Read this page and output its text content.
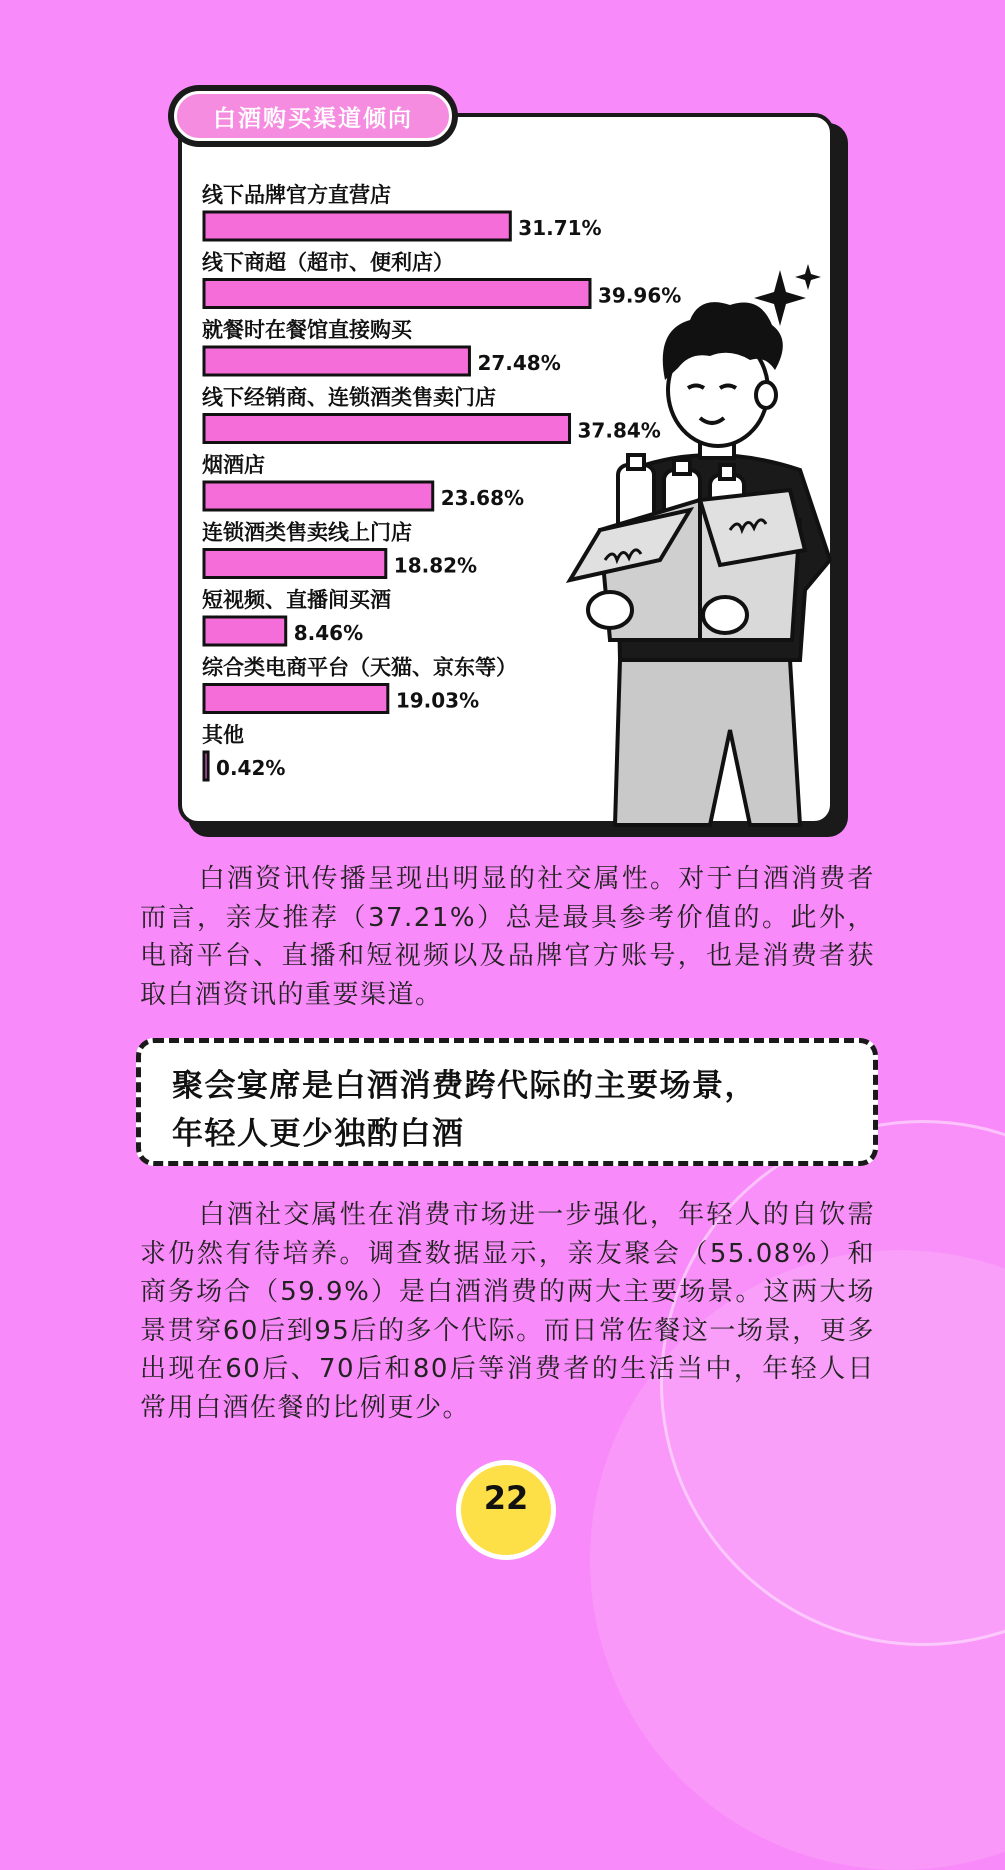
线下品牌官方直营店
31.71%
线下商超（超市、便利店）
39.96%
就餐时在餐馆直接购买
27.48%
线下经销商、连锁酒类售卖门店
37.84%
烟酒店
23.68%
连锁酒类售卖线上门店
18.82%
短视频、直播间买酒
8.46%
综合类电商平台（天猫、京东等）
19.03%
其他
0.42%
白酒购买渠道倾向
白酒资讯传播呈现出明显的社交属性。对于白酒消费者而言，亲友推荐（37.21%）总是最具参考价值的。此外，电商平台、直播和短视频以及品牌官方账号，也是消费者获取白酒资讯的重要渠道。
聚会宴席是白酒消费跨代际的主要场景，
年轻人更少独酌白酒
白酒社交属性在消费市场进一步强化，年轻人的自饮需求仍然有待培养。调查数据显示，亲友聚会（55.08%）和商务场合（59.9%）是白酒消费的两大主要场景。这两大场景贯穿60后到95后的多个代际。而日常佐餐这一场景，更多出现在60后、70后和80后等消费者的生活当中，年轻人日常用白酒佐餐的比例更少。
22
